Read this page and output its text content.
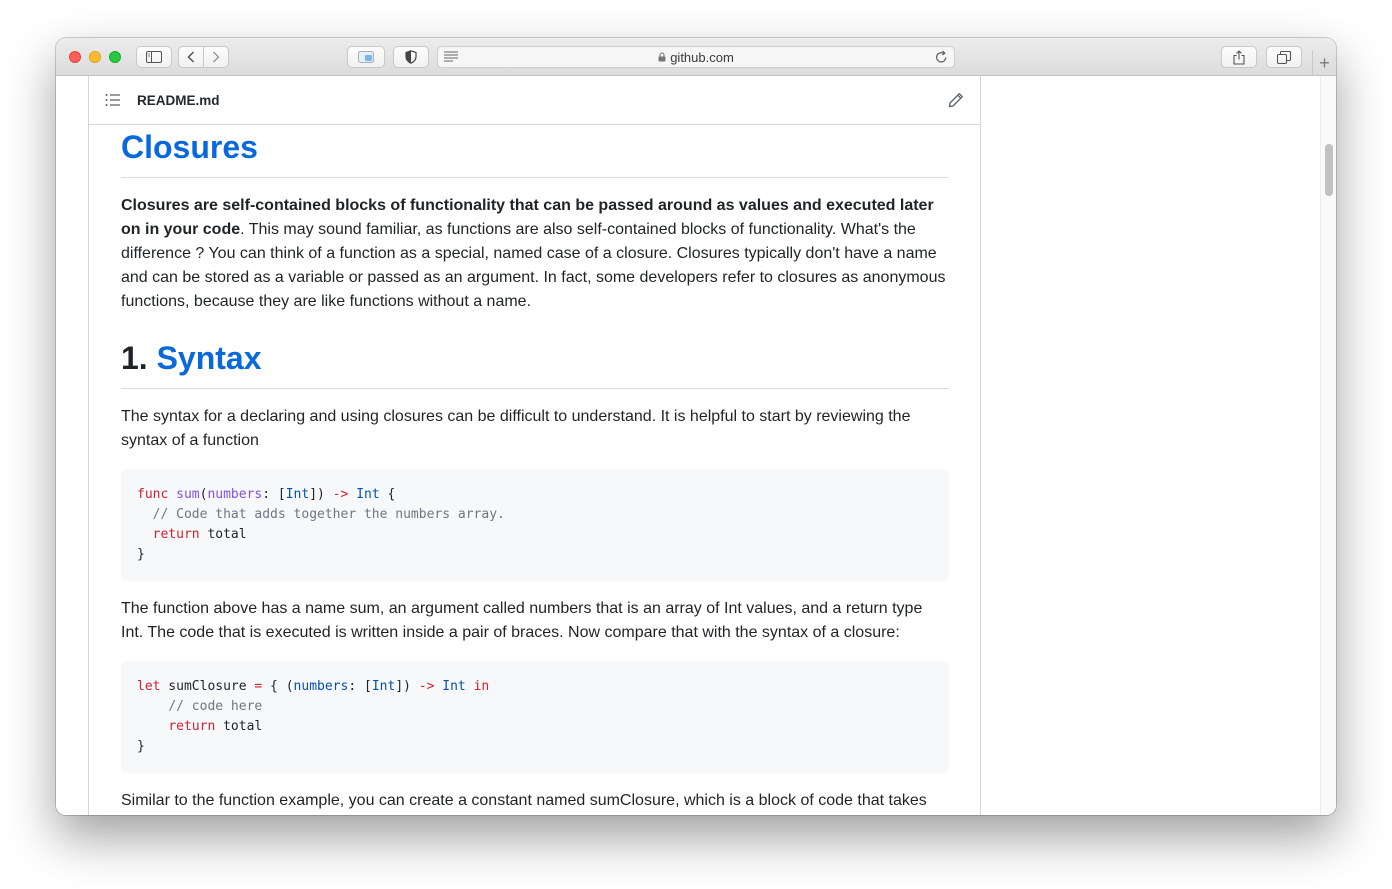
github.com	+
README.md
Closures

Closures are self-contained blocks of functionality that can be passed around as values and executed later on in your code. This may sound familiar, as functions are also self-contained blocks of functionality. What's the difference ? You can think of a function as a special, named case of a closure. Closures typically don't have a name and can be stored as a variable or passed as an argument. In fact, some developers refer to closures as anonymous functions, because they are like functions without a name.

1. Syntax

The syntax for a declaring and using closures can be difficult to understand. It is helpful to start by reviewing the syntax of a function

func sum(numbers: [Int]) -> Int {
// Code that adds together the numbers array.
return total
}

The function above has a name sum, an argument called numbers that is an array of Int values, and a return type Int. The code that is executed is written inside a pair of braces. Now compare that with the syntax of a closure:

let sumClosure = { (numbers: [Int]) -> Int in
// code here
return total
}

Similar to the function example, you can create a constant named sumClosure, which is a block of code that takes
